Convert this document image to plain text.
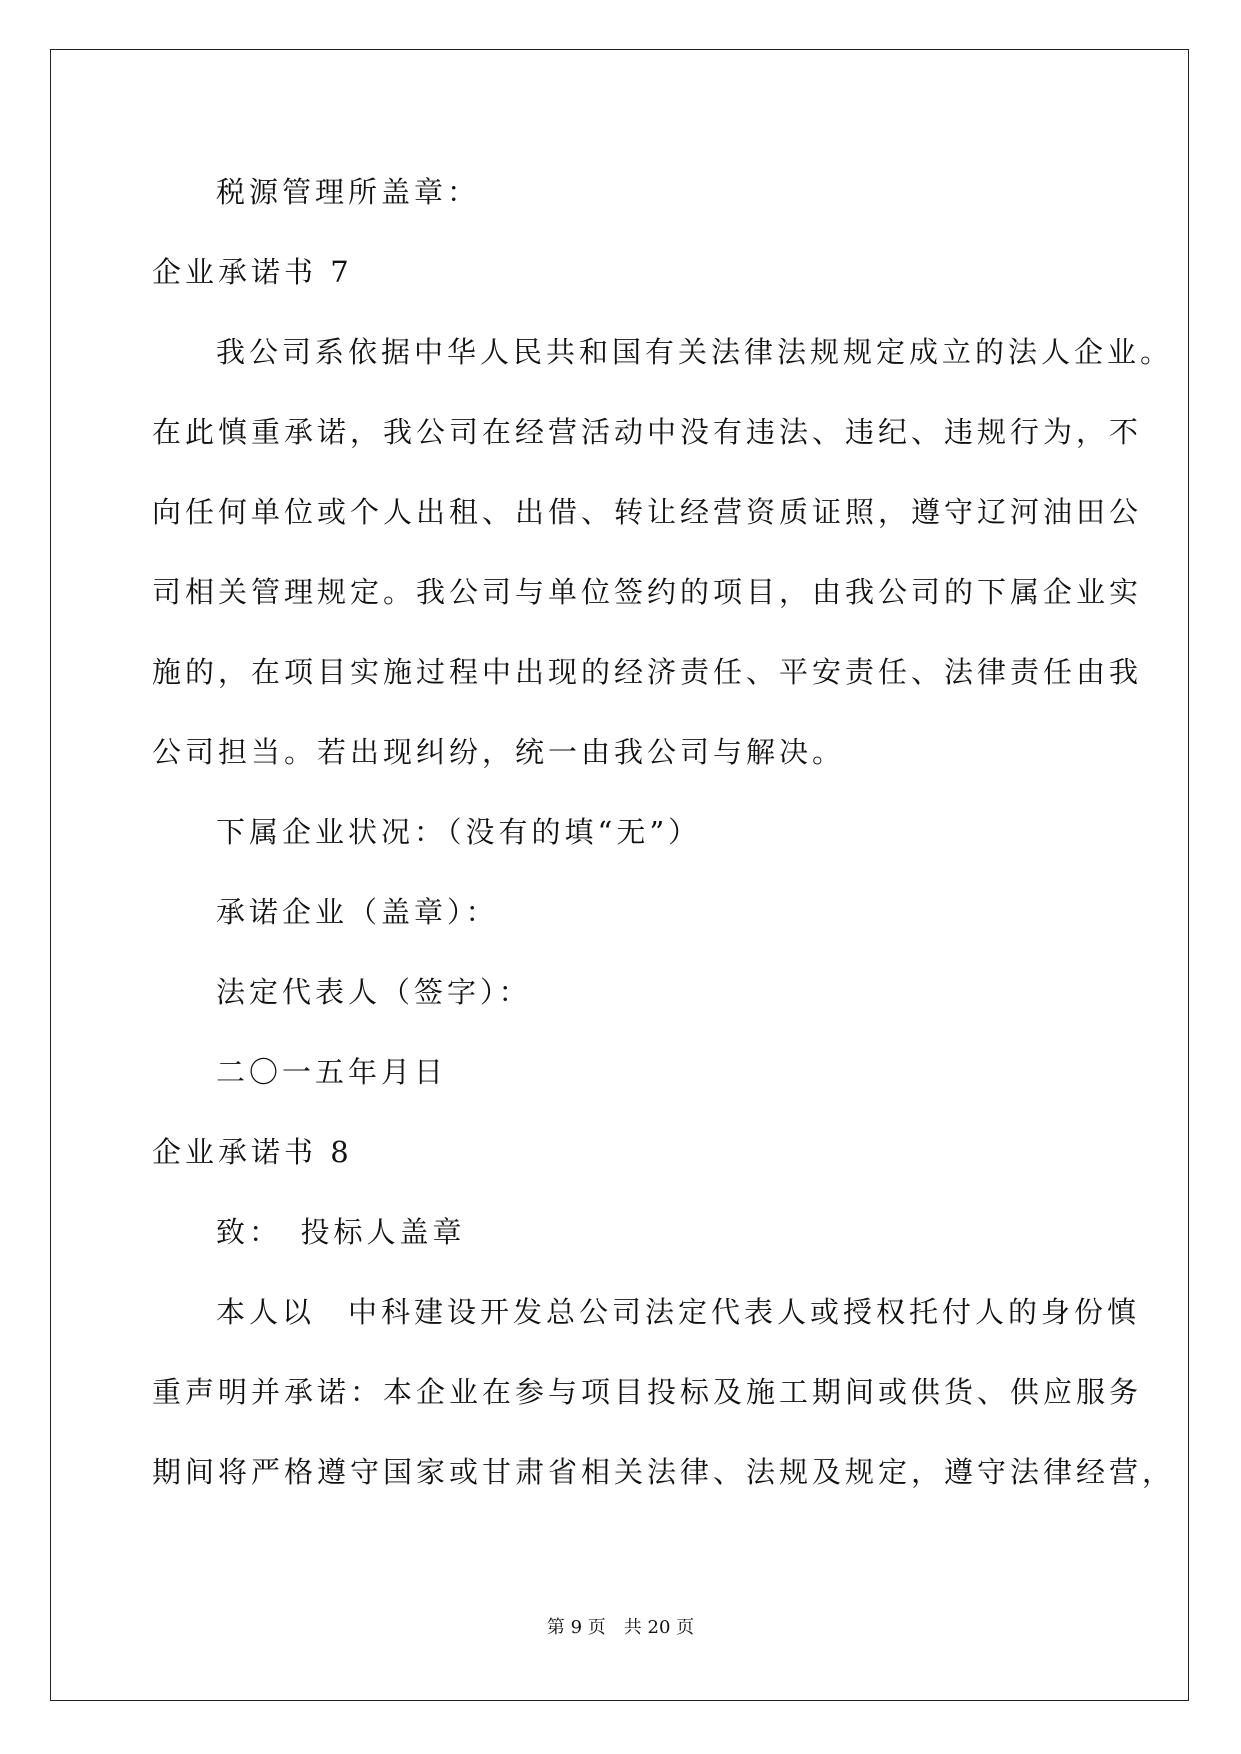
税源管理所盖章：

企业承诺书 7

我公司系依据中华人民共和国有关法律法规规定成立的法人企业。

在此慎重承诺，我公司在经营活动中没有违法、违纪、违规行为，不

向任何单位或个人出租、出借、转让经营资质证照，遵守辽河油田公

司相关管理规定。我公司与单位签约的项目，由我公司的下属企业实

施的，在项目实施过程中出现的经济责任、平安责任、法律责任由我

公司担当。若出现纠纷，统一由我公司与解决。

下属企业状况：（没有的填“无”）

承诺企业（盖章）：

法定代表人（签字）：

二〇一五年月日

企业承诺书 8

致：　投标人盖章

本人以　中科建设开发总公司法定代表人或授权托付人的身份慎

重声明并承诺：本企业在参与项目投标及施工期间或供货、供应服务

期间将严格遵守国家或甘肃省相关法律、法规及规定，遵守法律经营，

第 9 页 共 20 页
